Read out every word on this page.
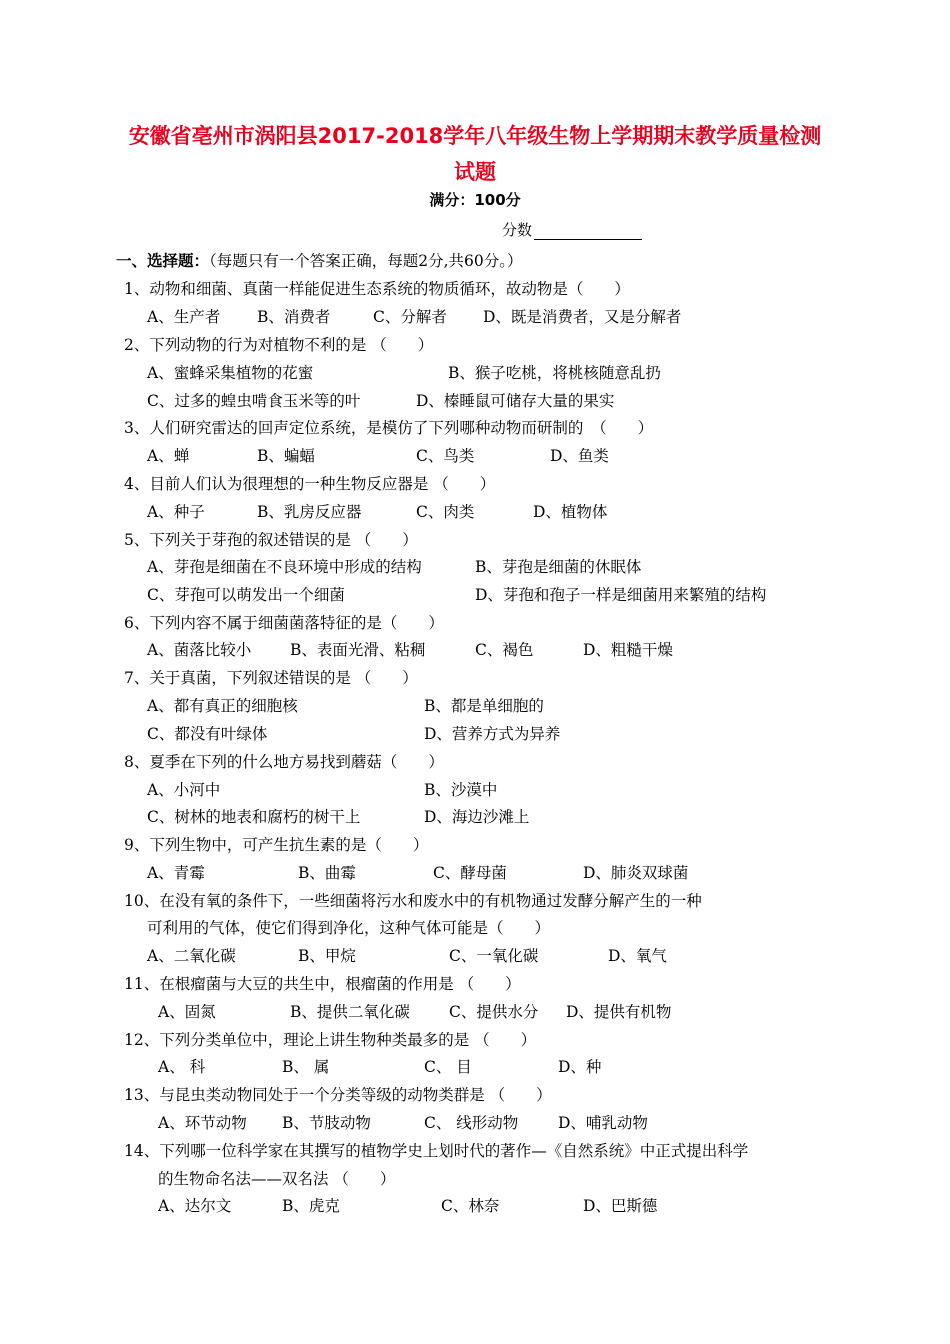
安徽省亳州市涡阳县2017-2018学年八年级生物上学期期末教学质量检测
试题
满分：100分
分数
一、选择题：（每题只有一个答案正确，每题2分,共60分。）
1、动物和细菌、真菌一样能促进生态系统的物质循环，故动物是（　　）
A、生产者 B、消费者	C、分解者 D、既是消费者，又是分解者
2、下列动物的行为对植物不利的是 （　　）
A、蜜蜂采集植物的花蜜	B、猴子吃桃，将桃核随意乱扔
C、过多的蝗虫啃食玉米等的叶	D、榛睡鼠可储存大量的果实
3、人们研究雷达的回声定位系统，是模仿了下列哪种动物而研制的　（　　）
A、蝉	B、蝙蝠	C、鸟类	D、鱼类
4、目前人们认为很理想的一种生物反应器是 （　　）
A、种子	B、乳房反应器	C、肉类	D、植物体
5、下列关于芽孢的叙述错误的是 （　　）
A、芽孢是细菌在不良环境中形成的结构	B、芽孢是细菌的休眠体
C、芽孢可以萌发出一个细菌	D、芽孢和孢子一样是细菌用来繁殖的结构
6、下列内容不属于细菌菌落特征的是（　　）
A、菌落比较小	B、表面光滑、粘稠	C、褐色	D、粗糙干燥
7、关于真菌，下列叙述错误的是 （　　）
A、都有真正的细胞核	B、都是单细胞的
C、都没有叶绿体	D、营养方式为异养
8、夏季在下列的什么地方易找到蘑菇（　　）
A、小河中	B、沙漠中
C、树林的地表和腐朽的树干上	D、海边沙滩上
9、下列生物中，可产生抗生素的是（　　）
A、青霉	B、曲霉	C、酵母菌	D、肺炎双球菌
10、在没有氧的条件下，一些细菌将污水和废水中的有机物通过发酵分解产生的一种
可利用的气体，使它们得到净化，这种气体可能是（　　）
A、二氧化碳	B、甲烷	C、一氧化碳	D、氧气
11、在根瘤菌与大豆的共生中，根瘤菌的作用是 （　　）
A、固氮	B、提供二氧化碳	C、提供水分 D、提供有机物
12、下列分类单位中，理论上讲生物种类最多的是 （　　）
A、 科	B、 属	C、 目	D、种
13、与昆虫类动物同处于一个分类等级的动物类群是 （　　）
A、环节动物 B、节肢动物	C、 线形动物	D、哺乳动物
14、下列哪一位科学家在其撰写的植物学史上划时代的著作—《自然系统》中正式提出科学
的生物命名法——双名法 （　　）
A、达尔文	B、虎克	C、林奈	D、巴斯德
